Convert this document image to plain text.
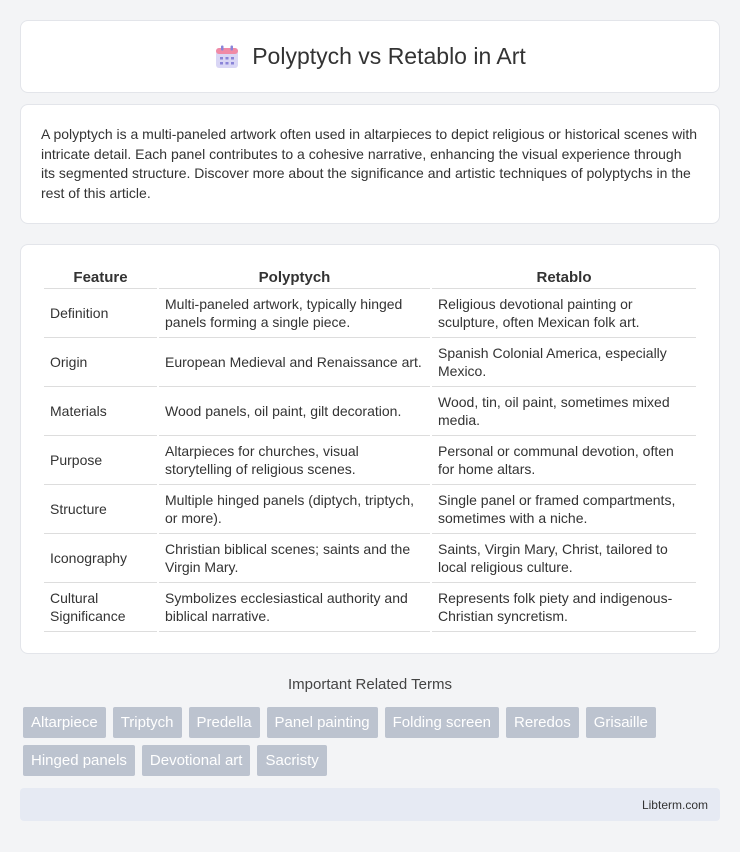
Polyptych vs Retablo in Art

A polyptych is a multi-paneled artwork often used in altarpieces to depict religious or historical scenes with intricate detail. Each panel contributes to a cohesive narrative, enhancing the visual experience through its segmented structure. Discover more about the significance and artistic techniques of polyptychs in the rest of this article.

Feature	Polyptych	Retablo
Definition	Multi-paneled artwork, typically hinged panels forming a single piece.	Religious devotional painting or sculpture, often Mexican folk art.
Origin	European Medieval and Renaissance art.	Spanish Colonial America, especially Mexico.
Materials	Wood panels, oil paint, gilt decoration.	Wood, tin, oil paint, sometimes mixed media.
Purpose	Altarpieces for churches, visual storytelling of religious scenes.	Personal or communal devotion, often for home altars.
Structure	Multiple hinged panels (diptych, triptych, or more).	Single panel or framed compartments, sometimes with a niche.
Iconography	Christian biblical scenes; saints and the Virgin Mary.	Saints, Virgin Mary, Christ, tailored to local religious culture.
Cultural Significance	Symbolizes ecclesiastical authority and biblical narrative.	Represents folk piety and indigenous-Christian syncretism.
Important Related Terms
Altarpiece	Triptych	Predella	Panel painting	Folding screen	Reredos	Grisaille
Hinged panels	Devotional art	Sacristy
Libterm.com
